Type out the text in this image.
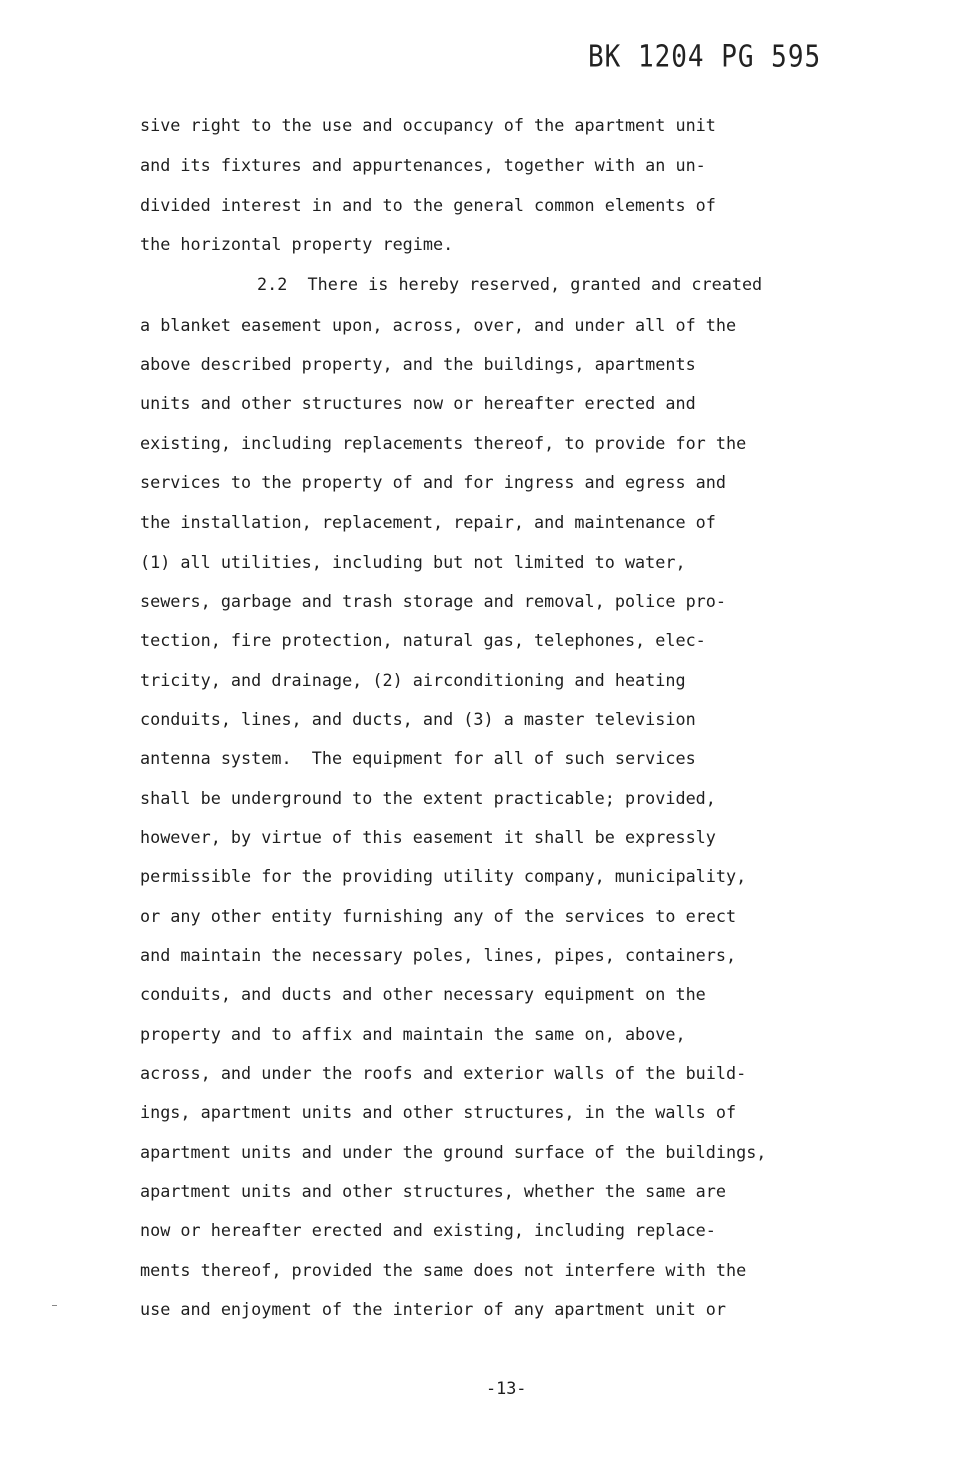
BK 1204 PG 595
sive right to the use and occupancy of the apartment unit
and its fixtures and appurtenances, together with an un-
divided interest in and to the general common elements of
the horizontal property regime.
2.2  There is hereby reserved, granted and created
a blanket easement upon, across, over, and under all of the
above described property, and the buildings, apartments
units and other structures now or hereafter erected and
existing, including replacements thereof, to provide for the
services to the property of and for ingress and egress and
the installation, replacement, repair, and maintenance of
(1) all utilities, including but not limited to water,
sewers, garbage and trash storage and removal, police pro-
tection, fire protection, natural gas, telephones, elec-
tricity, and drainage, (2) airconditioning and heating
conduits, lines, and ducts, and (3) a master television
antenna system.  The equipment for all of such services
shall be underground to the extent practicable; provided,
however, by virtue of this easement it shall be expressly
permissible for the providing utility company, municipality,
or any other entity furnishing any of the services to erect
and maintain the necessary poles, lines, pipes, containers,
conduits, and ducts and other necessary equipment on the
property and to affix and maintain the same on, above,
across, and under the roofs and exterior walls of the build-
ings, apartment units and other structures, in the walls of
apartment units and under the ground surface of the buildings,
apartment units and other structures, whether the same are
now or hereafter erected and existing, including replace-
ments thereof, provided the same does not interfere with the
use and enjoyment of the interior of any apartment unit or
-13-
